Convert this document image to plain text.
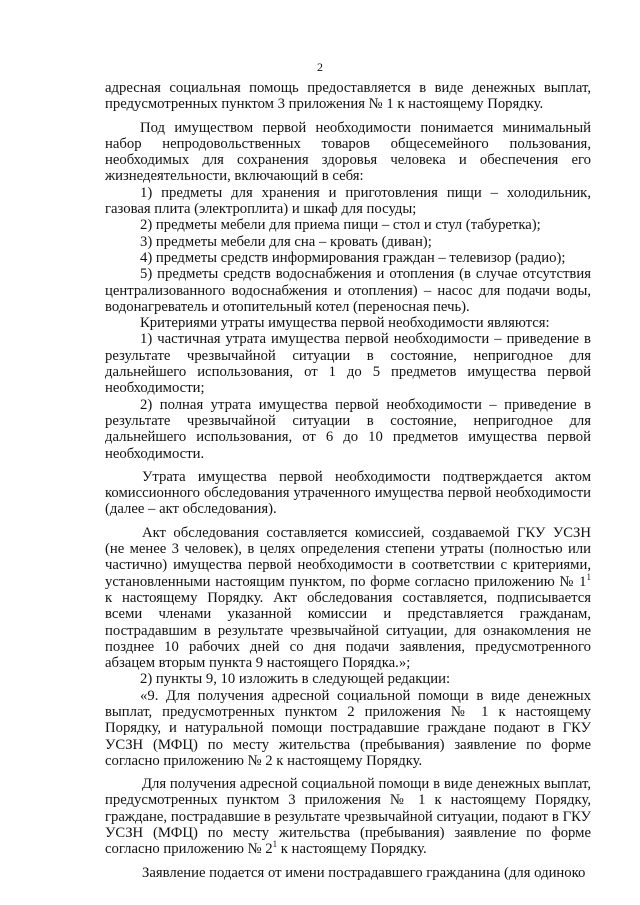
2

адресная социальная помощь предоставляется в виде денежных выплат, предусмотренных пунктом 3 приложения № 1 к настоящему Порядку.

Под имуществом первой необходимости понимается минимальный набор непродовольственных товаров общесемейного пользования, необходимых для сохранения здоровья человека и обеспечения его жизнедеятельности, включающий в себя:

1) предметы для хранения и приготовления пищи – холодильник, газовая плита (электроплита) и шкаф для посуды;

2) предметы мебели для приема пищи – стол и стул (табуретка);

3) предметы мебели для сна – кровать (диван);

4) предметы средств информирования граждан – телевизор (радио);

5) предметы средств водоснабжения и отопления (в случае отсутствия централизованного водоснабжения и отопления) – насос для подачи воды, водонагреватель и отопительный котел (переносная печь).

Критериями утраты имущества первой необходимости являются:

1) частичная утрата имущества первой необходимости – приведение в результате чрезвычайной ситуации в состояние, непригодное для дальнейшего использования, от 1 до 5 предметов имущества первой необходимости;

2) полная утрата имущества первой необходимости – приведение в результате чрезвычайной ситуации в состояние, непригодное для дальнейшего использования, от 6 до 10 предметов имущества первой необходимости.

Утрата имущества первой необходимости подтверждается актом комиссионного обследования утраченного имущества первой необходимости (далее – акт обследования).

Акт обследования составляется комиссией, создаваемой ГКУ УСЗН (не менее 3 человек), в целях определения степени утраты (полностью или частично) имущества первой необходимости в соответствии с критериями, установленными настоящим пунктом, по форме согласно приложению № $1^1$ к настоящему Порядку. Акт обследования составляется, подписывается всеми членами указанной комиссии и представляется гражданам, пострадавшим в результате чрезвычайной ситуации, для ознакомления не позднее 10 рабочих дней со дня подачи заявления, предусмотренного абзацем вторым пункта 9 настоящего Порядка.»;

2) пункты 9, 10 изложить в следующей редакции:

«9. Для получения адресной социальной помощи в виде денежных выплат, предусмотренных пунктом 2 приложения № 1 к настоящему Порядку, и натуральной помощи пострадавшие граждане подают в ГКУ УСЗН (МФЦ) по месту жительства (пребывания) заявление по форме согласно приложению № 2 к настоящему Порядку.

Для получения адресной социальной помощи в виде денежных выплат, предусмотренных пунктом 3 приложения № 1 к настоящему Порядку, граждане, пострадавшие в результате чрезвычайной ситуации, подают в ГКУ УСЗН (МФЦ) по месту жительства (пребывания) заявление по форме согласно приложению № $2^1$ к настоящему Порядку.

Заявление подается от имени пострадавшего гражданина (для одиноко
